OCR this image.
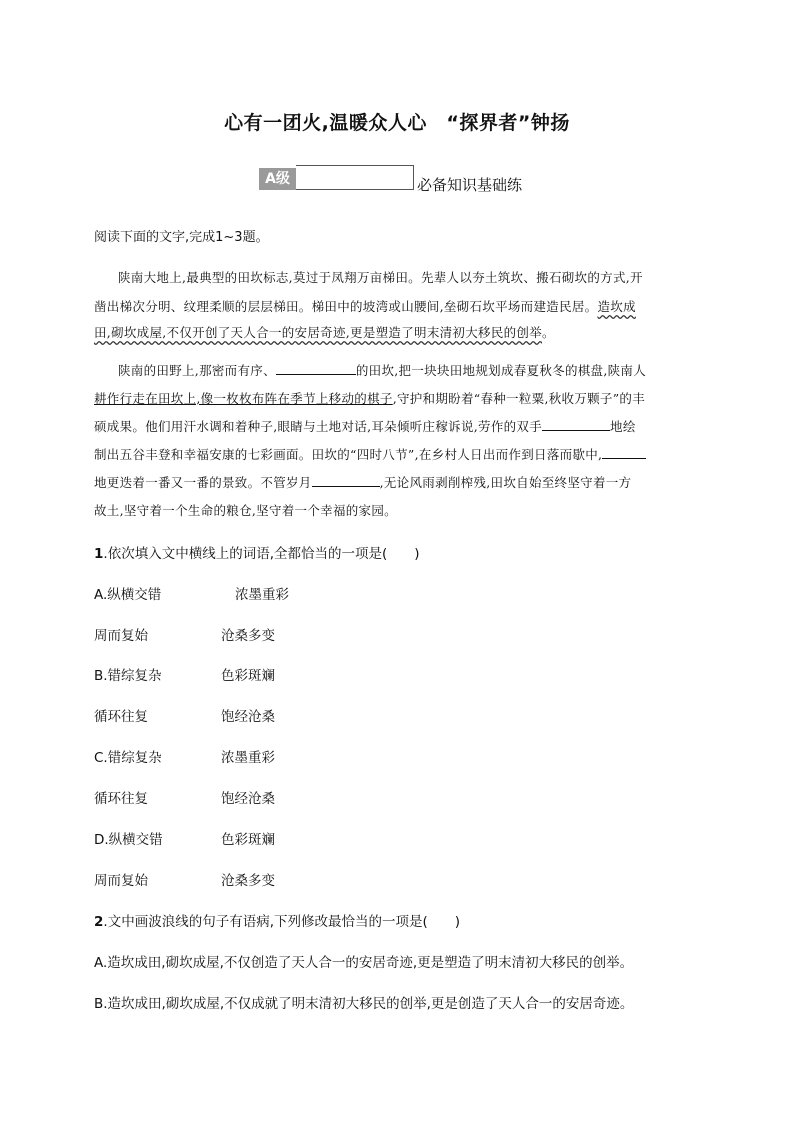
心有一团火,温暖众人心　“探界者”钟扬
A级	必备知识基础练
阅读下面的文字,完成1~3题。
陕南大地上,最典型的田坎标志,莫过于凤翔万亩梯田。先辈人以夯土筑坎、搬石砌坎的方式,开
凿出梯次分明、纹理柔顺的层层梯田。梯田中的坡湾或山腰间,垒砌石坎平场而建造民居。造坎成
田,砌坎成屋,不仅开创了天人合一的安居奇迹,更是塑造了明末清初大移民的创举。
陕南的田野上,那密而有序、	的田坎,把一块块田地规划成春夏秋冬的棋盘,陕南人
耕作行走在田坎上,像一枚枚布阵在季节上移动的棋子,守护和期盼着“春种一粒粟,秋收万颗子”的丰
硕成果。他们用汗水调和着种子,眼睛与土地对话,耳朵倾听庄稼诉说,劳作的双手	地绘
制出五谷丰登和幸福安康的七彩画面。田坎的“四时八节”,在乡村人日出而作到日落而歇中,
地更迭着一番又一番的景致。不管岁月	,无论风雨剥削榨残,田坎自始至终坚守着一方
故土,坚守着一个生命的粮仓,坚守着一个幸福的家园。
1.依次填入文中横线上的词语,全都恰当的一项是(　　)
A.纵横交错	浓墨重彩
周而复始	沧桑多变
B.错综复杂	色彩斑斓
循环往复	饱经沧桑
C.错综复杂	浓墨重彩
循环往复	饱经沧桑
D.纵横交错	色彩斑斓
周而复始	沧桑多变
2.文中画波浪线的句子有语病,下列修改最恰当的一项是(　　)
A.造坎成田,砌坎成屋,不仅创造了天人合一的安居奇迹,更是塑造了明末清初大移民的创举。
B.造坎成田,砌坎成屋,不仅成就了明末清初大移民的创举,更是创造了天人合一的安居奇迹。
